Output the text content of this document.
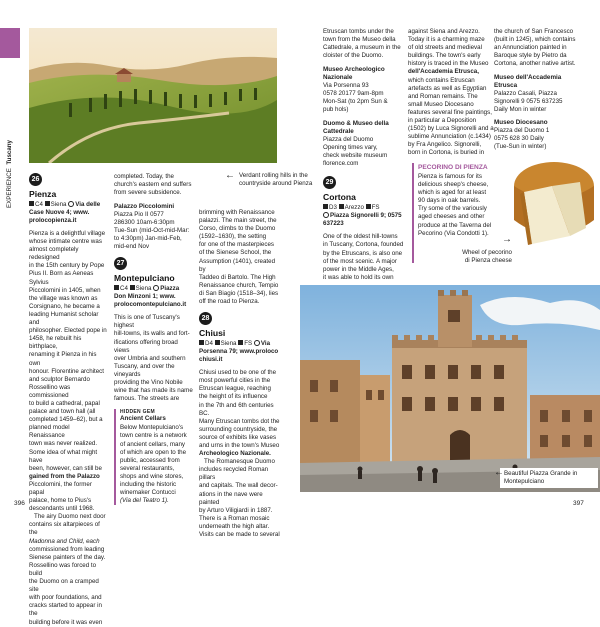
EXPERIENCE  Tuscany
← Verdant rolling hills in the countryside around Pienza
26
Pienza
C4 Siena Via delle Case Nuove 4; www.
prolocopienza.it
Pienza is a delightful village
whose intimate centre was
almost completely redesigned
in the 15th century by Pope
Pius II. Born as Aeneas Sylvius
Piccolomini in 1405, when
the village was known as
Corsignano, he became a
leading Humanist scholar and
philosopher. Elected pope in
1458, he rebuilt his birthplace,
renaming it Pienza in his own
honour. Florentine architect
and sculptor Bernardo
Rossellino was commissioned
to build a cathedral, papal
palace and town hall (all
completed 1459–62), but a
planned model Renaissance
town was never realized.
Some idea of what might have
been, however, can still be
gained from the Palazzo
Piccolomini, the former papal
palace, home to Pius's
descendants until 1968.
The airy Duomo next door
contains six altarpieces of the
Madonna and Child, each
commissioned from leading
Sienese painters of the day.
Rossellino was forced to build
the Duomo on a cramped site
with poor foundations, and
cracks started to appear in the
building before it was even
completed. Today, the
church's eastern end suffers
from severe subsidence.
Palazzo Piccolomini
Piazza Pio II 0577
286300 10am-6:30pm
Tue-Sun (mid-Oct-mid-Mar:
to 4:30pm) Jan-mid-Feb,
mid-end Nov
27
Montepulciano
C4 Siena Piazza
Don Minzoni 1; www.
prolocomontepulciano.it
This is one of Tuscany's highest
hill-towns, its walls and fort-
ifications offering broad views
over Umbria and southern
Tuscany, and over the vineyards
providing the Vino Nobile
wine that has made its name
famous. The streets are
HIDDEN GEM
Ancient Cellars
Below Montepulciano's
town centre is a network
of ancient cellars, many
of which are open to the
public, accessed from
several restaurants,
shops and wine stores,
including the historic
winemaker Contucci
(Via del Teatro 1).
brimming with Renaissance
palazzi. The main street, the
Corso, climbs to the Duomo
(1592–1630), the setting
for one of the masterpieces
of the Sienese School, the
Assumption (1401), created by
Taddeo di Bartolo. The High
Renaissance church, Tempio
di San Biagio (1518–34), lies
off the road to Pienza.
28
Chiusi
D4 Siena FS Via
Porsenna 79; www.proloco
chiusi.it
Chiusi used to be one of the
most powerful cities in the
Etruscan league, reaching
the height of its influence
in the 7th and 6th centuries BC.
Many Etruscan tombs dot the
surrounding countryside, the
source of exhibits like vases
and urns in the town's Museo
Archeologico Nazionale.
The Romanesque Duomo
includes recycled Roman pillars
and capitals. The wall decor-
ations in the nave were painted
by Arturo Viligiardi in 1887.
There is a Roman mosaic
underneath the high altar.
Visits can be made to several
Etruscan tombs under the
town from the Museo della
Cattedrale, a museum in the
cloister of the Duomo.
Museo Archeologico
Nazionale
Via Porsenna 93
0578 20177 9am-8pm
Mon-Sat (to 2pm Sun &
pub hols)
Duomo & Museo della
Cattedrale
Piazza del Duomo
Opening times vary,
check website museum
florence.com
29
Cortona
D3 Arezzo FS
Piazza Signorelli 9; 0575
637223
One of the oldest hill-towns
in Tuscany, Cortona, founded
by the Etruscans, is also one
of the most scenic. A major
power in the Middle Ages,
it was able to hold its own
against Siena and Arezzo.
Today it is a charming maze
of old streets and medieval
buildings. The town's early
history is traced in the Museo
dell'Accademia Etrusca,
which contains Etruscan
artefacts as well as Egyptian
and Roman remains. The
small Museo Diocesano
features several fine paintings,
in particular a Deposition
(1502) by Luca Signorelli and a
sublime Annunciation (c.1434)
by Fra Angelico. Signorelli,
born in Cortona, is buried in
the church of San Francesco
(built in 1245), which contains
an Annunciation painted in
Baroque style by Pietro da
Cortona, another native artist.
Museo dell'Accademia
Etrusca
Palazzo Casali, Piazza
Signorelli 9 0575 637235
Daily Mon in winter
Museo Diocesano
Piazza del Duomo 1
0575 628 30 Daily
(Tue-Sun in winter)
PECORINO DI PIENZA
Pienza is famous for its
delicious sheep's cheese,
which is aged for at least
90 days in oak barrels.
Try some of the variously
aged cheeses and other
produce at the Taverna del
Pecorino (Via Condotti 1).
Wheel of pecorino
di Pienza cheese
→
← Beautiful Piazza Grande in Montepulciano
396	397
